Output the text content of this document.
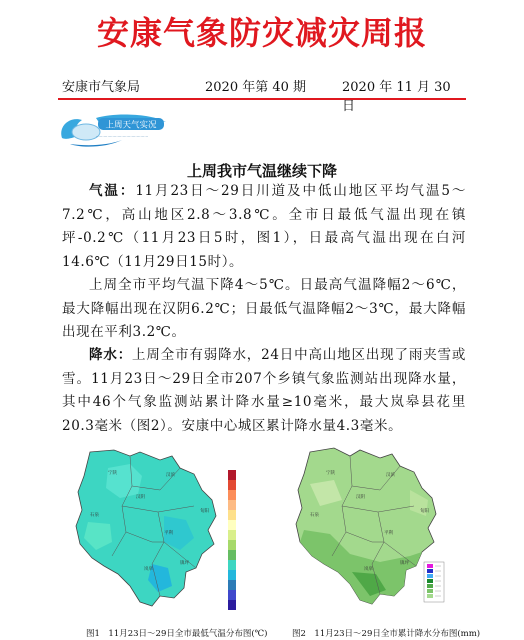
安康气象防灾减灾周报
安康市气象局	2020 年第 40 期	2020 年 11 月 30 日
上周天气实况
·········································
上周我市气温继续下降
气温：11月23日～29日川道及中低山地区平均气温5～7.2℃，高山地区2.8～3.8℃。全市日最低气温出现在镇坪-0.2℃（11月23日5时，图1），日最高气温出现在白河14.6℃（11月29日15时）。
上周全市平均气温下降4～5℃。日最高气温降幅2～6℃，最大降幅出现在汉阴6.2℃；日最低气温降幅2～3℃，最大降幅出现在平利3.2℃。
降水：上周全市有弱降水，24日中高山地区出现了雨夹雪或雪。11月23日～29日全市207个乡镇气象监测站出现降水量，其中46个气象监测站累计降水量≥10毫米，最大岚皋县花里20.3毫米（图2）。安康中心城区累计降水量4.3毫米。
宁陕	汉滨
石泉
汉阴
平利
岚皋
镇坪
旬阳
图1　11月23日～29日全市最低气温分布图(℃)
宁陕	汉滨
石泉
汉阴
平利
岚皋
镇坪
旬阳
图2　11月23日～29日全市累计降水分布图(mm)
